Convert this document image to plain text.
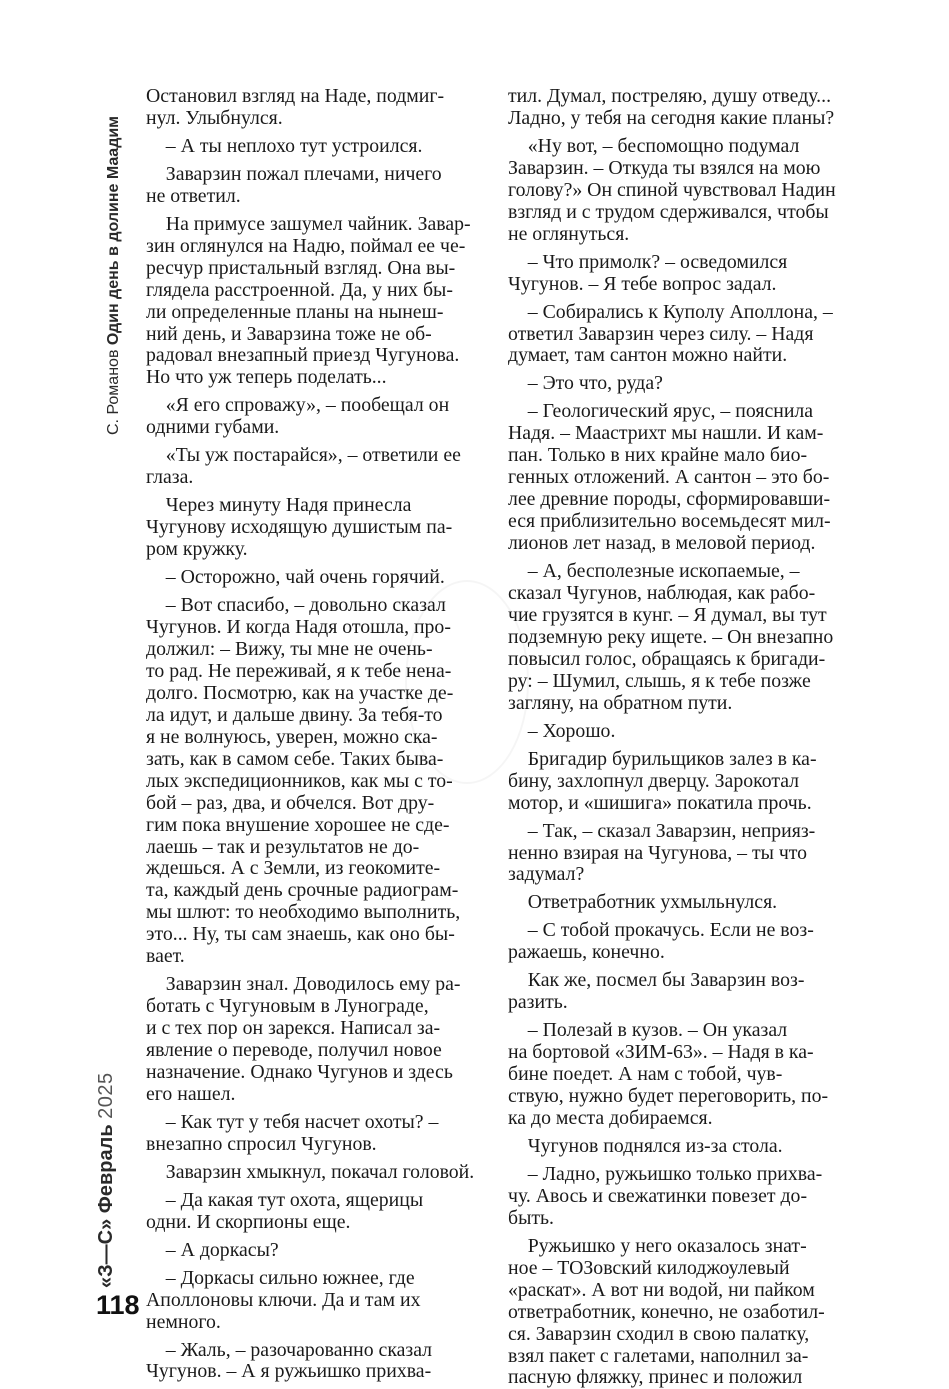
С. Романов Один день в долине Маадим
«З—С» Февраль 2025
118

Остановил взгляд на Наде, подмиг-

нул. Улыбнулся.

 – А ты неплохо тут устроился.

 Заварзин пожал плечами, ничего

не ответил.

 На примусе зашумел чайник. Завар-

зин оглянулся на Надю, поймал ее че-

ресчур пристальный взгляд. Она вы-

глядела расстроенной. Да, у них бы-

ли определенные планы на нынеш-

ний день, и Заварзина тоже не об-

радовал внезапный приезд Чугунова.

Но что уж теперь поделать...

 «Я его спроважу», – пообещал он

одними губами.

 «Ты уж постарайся», – ответили ее

глаза.

 Через минуту Надя принесла

Чугунову исходящую душистым па-

ром кружку.

 – Осторожно, чай очень горячий.

 – Вот спасибо, – довольно сказал

Чугунов. И когда Надя отошла, про-

должил: – Вижу, ты мне не очень-

то рад. Не переживай, я к тебе нена-

долго. Посмотрю, как на участке де-

ла идут, и дальше двину. За тебя-то

я не волнуюсь, уверен, можно ска-

зать, как в самом себе. Таких быва-

лых экспедиционников, как мы с то-

бой – раз, два, и обчелся. Вот дру-

гим пока внушение хорошее не сде-

лаешь – так и результатов не до-

ждешься. А с Земли, из геокомите-

та, каждый день срочные радиограм-

мы шлют: то необходимо выполнить,

это... Ну, ты сам знаешь, как оно бы-

вает.

 Заварзин знал. Доводилось ему ра-

ботать с Чугуновым в Лунограде,

и с тех пор он зарекся. Написал за-

явление о переводе, получил новое

назначение. Однако Чугунов и здесь

его нашел.

 – Как тут у тебя насчет охоты? –

внезапно спросил Чугунов.

 Заварзин хмыкнул, покачал головой.

 – Да какая тут охота, ящерицы

одни. И скорпионы еще.

 – А доркасы?

 – Доркасы сильно южнее, где

Аполлоновы ключи. Да и там их

немного.

 – Жаль, – разочарованно сказал

Чугунов. – А я ружьишко прихва-

тил. Думал, постреляю, душу отведу...

Ладно, у тебя на сегодня какие планы?

 «Ну вот, – беспомощно подумал

Заварзин. – Откуда ты взялся на мою

голову?» Он спиной чувствовал Надин

взгляд и с трудом сдерживался, чтобы

не оглянуться.

 – Что примолк? – осведомился

Чугунов. – Я тебе вопрос задал.

 – Собирались к Куполу Аполлона, –

ответил Заварзин через силу. – Надя

думает, там сантон можно найти.

 – Это что, руда?

 – Геологический ярус, – пояснила

Надя. – Маастрихт мы нашли. И кам-

пан. Только в них крайне мало био-

генных отложений. А сантон – это бо-

лее древние породы, сформировавши-

еся приблизительно восемьдесят мил-

лионов лет назад, в меловой период.

 – А, бесполезные ископаемые, –

сказал Чугунов, наблюдая, как рабо-

чие грузятся в кунг. – Я думал, вы тут

подземную реку ищете. – Он внезапно

повысил голос, обращаясь к бригади-

ру: – Шумил, слышь, я к тебе позже

загляну, на обратном пути.

 – Хорошо.

 Бригадир бурильщиков залез в ка-

бину, захлопнул дверцу. Зарокотал

мотор, и «шишига» покатила прочь.

 – Так, – сказал Заварзин, неприяз-

ненно взирая на Чугунова, – ты что

задумал?

 Ответработник ухмыльнулся.

 – С тобой прокачусь. Если не воз-

ражаешь, конечно.

 Как же, посмел бы Заварзин воз-

разить.

 – Полезай в кузов. – Он указал

на бортовой «ЗИМ-63». – Надя в ка-

бине поедет. А нам с тобой, чув-

ствую, нужно будет переговорить, по-

ка до места добираемся.

 Чугунов поднялся из-за стола.

 – Ладно, ружьишко только прихва-

чу. Авось и свежатинки повезет до-

быть.

 Ружьишко у него оказалось знат-

ное – ТОЗовский килоджоулевый

«раскат». А вот ни водой, ни пайком

ответработник, конечно, не озаботил-

ся. Заварзин сходил в свою палатку,

взял пакет с галетами, наполнил за-

пасную фляжку, принес и положил
